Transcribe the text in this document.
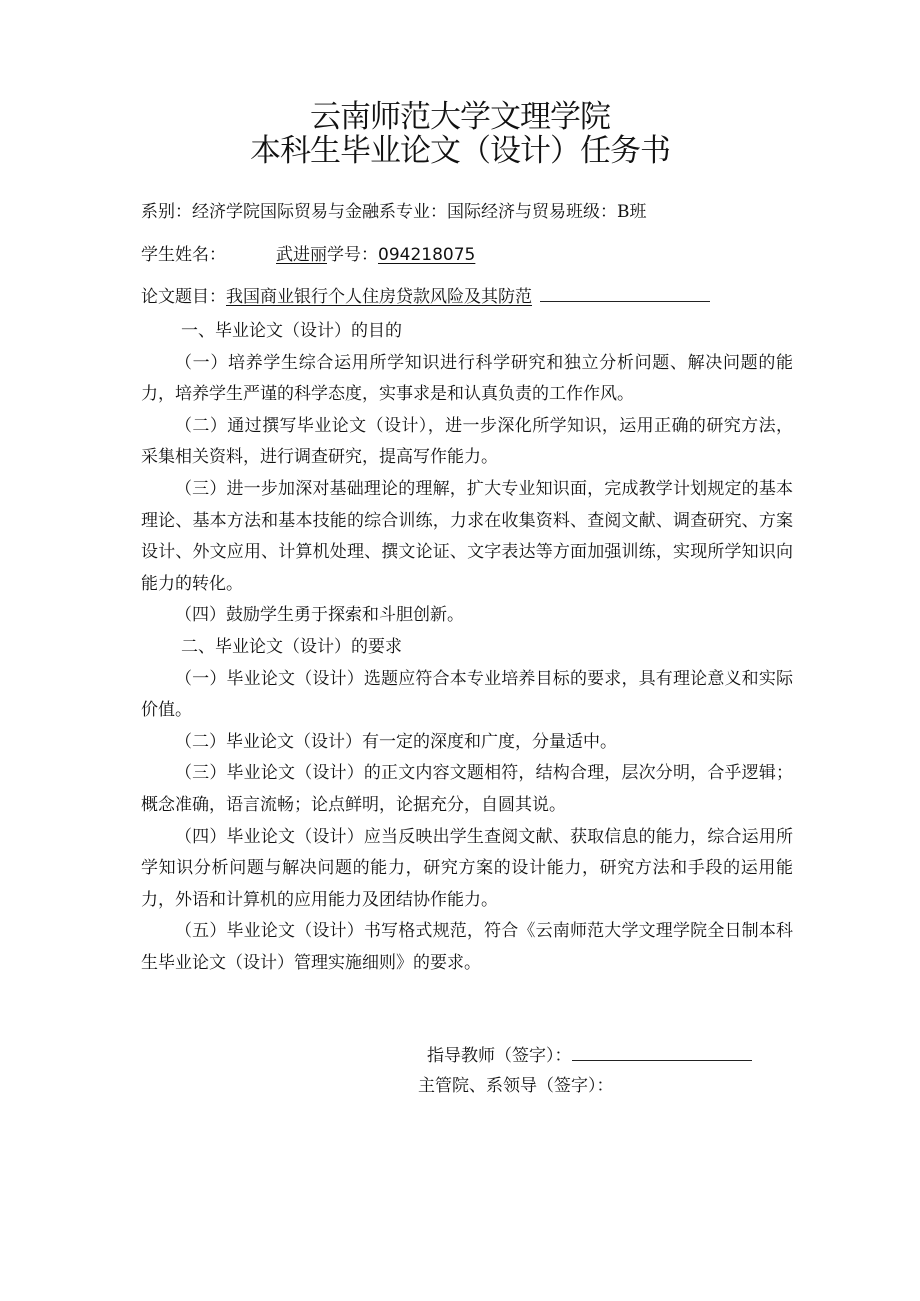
云南师范大学文理学院
本科生毕业论文（设计）任务书
系别：经济学院国际贸易与金融系专业：国际经济与贸易班级：B班
学生姓名：	武进丽学号：094218075
论文题目：我国商业银行个人住房贷款风险及其防范

一、毕业论文（设计）的目的

（一）培养学生综合运用所学知识进行科学研究和独立分析问题、解决问题的能力，培养学生严谨的科学态度，实事求是和认真负责的工作作风。

（二）通过撰写毕业论文（设计），进一步深化所学知识，运用正确的研究方法，采集相关资料，进行调查研究，提高写作能力。

（三）进一步加深对基础理论的理解，扩大专业知识面，完成教学计划规定的基本理论、基本方法和基本技能的综合训练，力求在收集资料、查阅文献、调查研究、方案设计、外文应用、计算机处理、撰文论证、文字表达等方面加强训练，实现所学知识向能力的转化。

（四）鼓励学生勇于探索和斗胆创新。

二、毕业论文（设计）的要求

（一）毕业论文（设计）选题应符合本专业培养目标的要求，具有理论意义和实际价值。

（二）毕业论文（设计）有一定的深度和广度，分量适中。

（三）毕业论文（设计）的正文内容文题相符，结构合理，层次分明，合乎逻辑；概念准确，语言流畅；论点鲜明，论据充分，自圆其说。

（四）毕业论文（设计）应当反映出学生查阅文献、获取信息的能力，综合运用所学知识分析问题与解决问题的能力，研究方案的设计能力，研究方法和手段的运用能力，外语和计算机的应用能力及团结协作能力。

（五）毕业论文（设计）书写格式规范，符合《云南师范大学文理学院全日制本科生毕业论文（设计）管理实施细则》的要求。

指导教师（签字）：
主管院、系领导（签字）：
